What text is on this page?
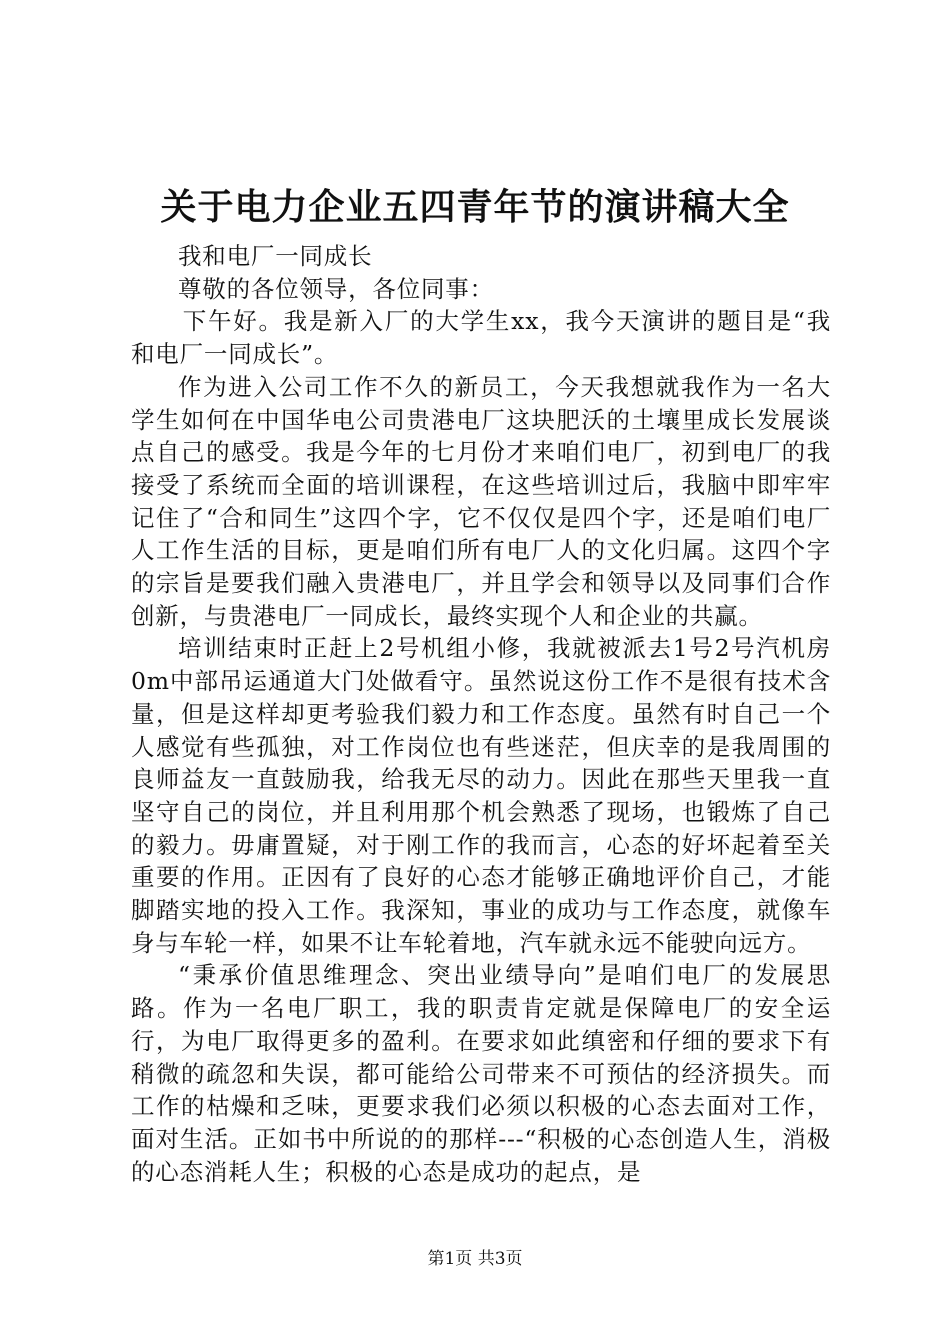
关于电力企业五四青年节的演讲稿大全

我和电厂一同成长

尊敬的各位领导，各位同事：

下午好。我是新入厂的大学生xx，我今天演讲的题目是“我和电厂一同成长”。

作为进入公司工作不久的新员工，今天我想就我作为一名大学生如何在中国华电公司贵港电厂这块肥沃的土壤里成长发展谈点自己的感受。我是今年的七月份才来咱们电厂，初到电厂的我接受了系统而全面的培训课程，在这些培训过后，我脑中即牢牢记住了“合和同生”这四个字，它不仅仅是四个字，还是咱们电厂人工作生活的目标，更是咱们所有电厂人的文化归属。这四个字的宗旨是要我们融入贵港电厂，并且学会和领导以及同事们合作创新，与贵港电厂一同成长，最终实现个人和企业的共赢。

培训结束时正赶上2号机组小修，我就被派去1号2号汽机房0m中部吊运通道大门处做看守。虽然说这份工作不是很有技术含量，但是这样却更考验我们毅力和工作态度。虽然有时自己一个人感觉有些孤独，对工作岗位也有些迷茫，但庆幸的是我周围的良师益友一直鼓励我，给我无尽的动力。因此在那些天里我一直坚守自己的岗位，并且利用那个机会熟悉了现场，也锻炼了自己的毅力。毋庸置疑，对于刚工作的我而言，心态的好坏起着至关重要的作用。正因有了良好的心态才能够正确地评价自己，才能脚踏实地的投入工作。我深知，事业的成功与工作态度，就像车身与车轮一样，如果不让车轮着地，汽车就永远不能驶向远方。

“秉承价值思维理念、突出业绩导向”是咱们电厂的发展思路。作为一名电厂职工，我的职责肯定就是保障电厂的安全运行，为电厂取得更多的盈利。在要求如此缜密和仔细的要求下有稍微的疏忽和失误，都可能给公司带来不可预估的经济损失。而工作的枯燥和乏味，更要求我们必须以积极的心态去面对工作，面对生活。正如书中所说的的那样---“积极的心态创造人生，消极的心态消耗人生；积极的心态是成功的起点，是

第1页 共3页
